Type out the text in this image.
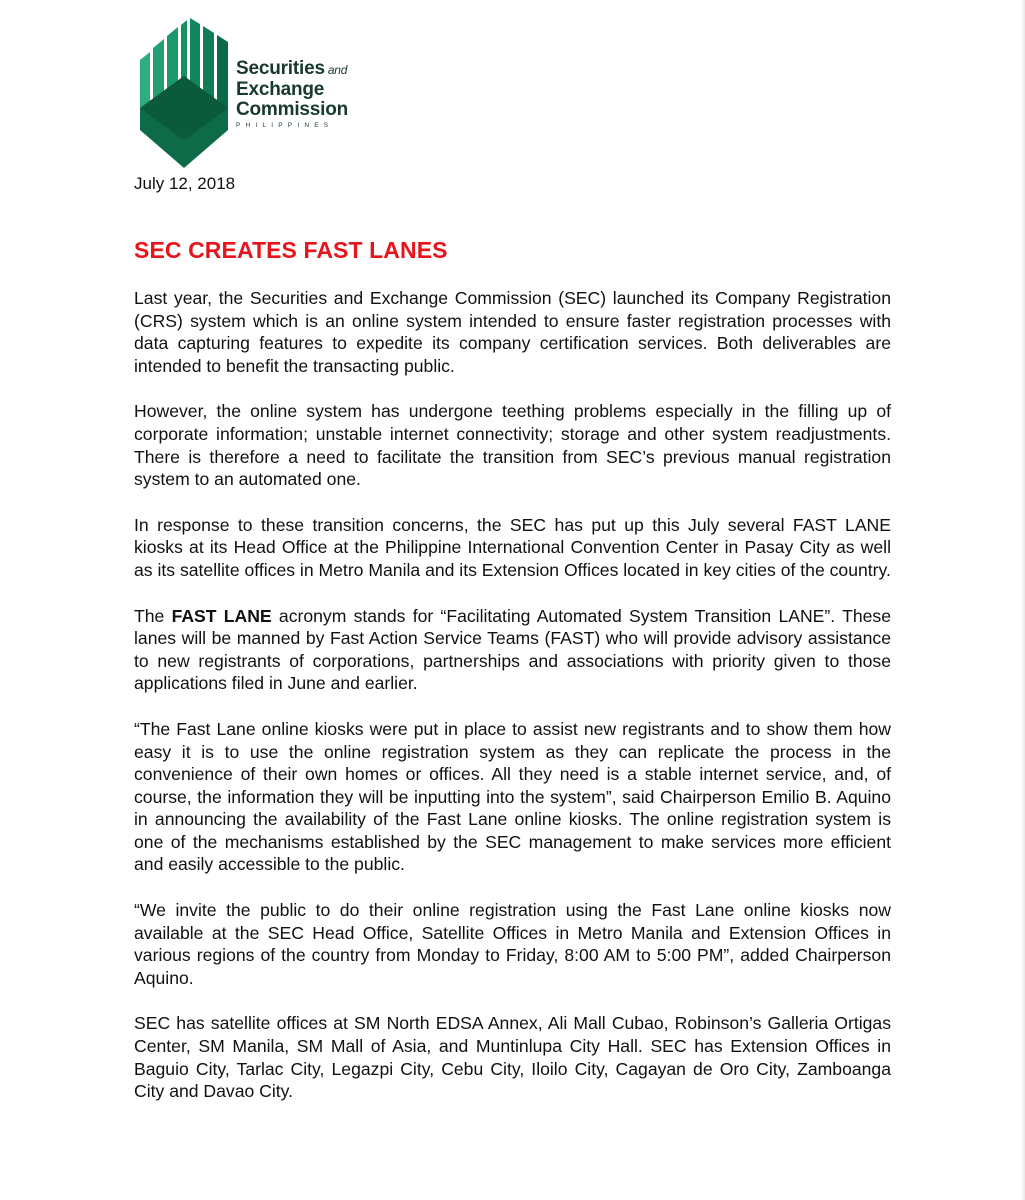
Securities and
Exchange
Commission
PHILIPPINES
July 12, 2018
SEC CREATES FAST LANES

Last year, the Securities and Exchange Commission (SEC) launched its Company Registration (CRS) system which is an online system intended to ensure faster registration processes with data capturing features to expedite its company certification services. Both deliverables are intended to benefit the transacting public.

However, the online system has undergone teething problems especially in the filling up of corporate information; unstable internet connectivity; storage and other system readjustments. There is therefore a need to facilitate the transition from SEC’s previous manual registration system to an automated one.

In response to these transition concerns, the SEC has put up this July several FAST LANE kiosks at its Head Office at the Philippine International Convention Center in Pasay City as well as its satellite offices in Metro Manila and its Extension Offices located in key cities of the country.

The FAST LANE acronym stands for “Facilitating Automated System Transition LANE”. These lanes will be manned by Fast Action Service Teams (FAST) who will provide advisory assistance to new registrants of corporations, partnerships and associations with priority given to those applications filed in June and earlier.

“The Fast Lane online kiosks were put in place to assist new registrants and to show them how easy it is to use the online registration system as they can replicate the process in the convenience of their own homes or offices. All they need is a stable internet service, and, of course, the information they will be inputting into the system”, said Chairperson Emilio B. Aquino in announcing the availability of the Fast Lane online kiosks. The online registration system is one of the mechanisms established by the SEC management to make services more efficient and easily accessible to the public.

“We invite the public to do their online registration using the Fast Lane online kiosks now available at the SEC Head Office, Satellite Offices in Metro Manila and Extension Offices in various regions of the country from Monday to Friday, 8:00 AM to 5:00 PM”, added Chairperson Aquino.

SEC has satellite offices at SM North EDSA Annex, Ali Mall Cubao, Robinson’s Galleria Ortigas Center, SM Manila, SM Mall of Asia, and Muntinlupa City Hall. SEC has Extension Offices in Baguio City, Tarlac City, Legazpi City, Cebu City, Iloilo City, Cagayan de Oro City, Zamboanga City and Davao City.
